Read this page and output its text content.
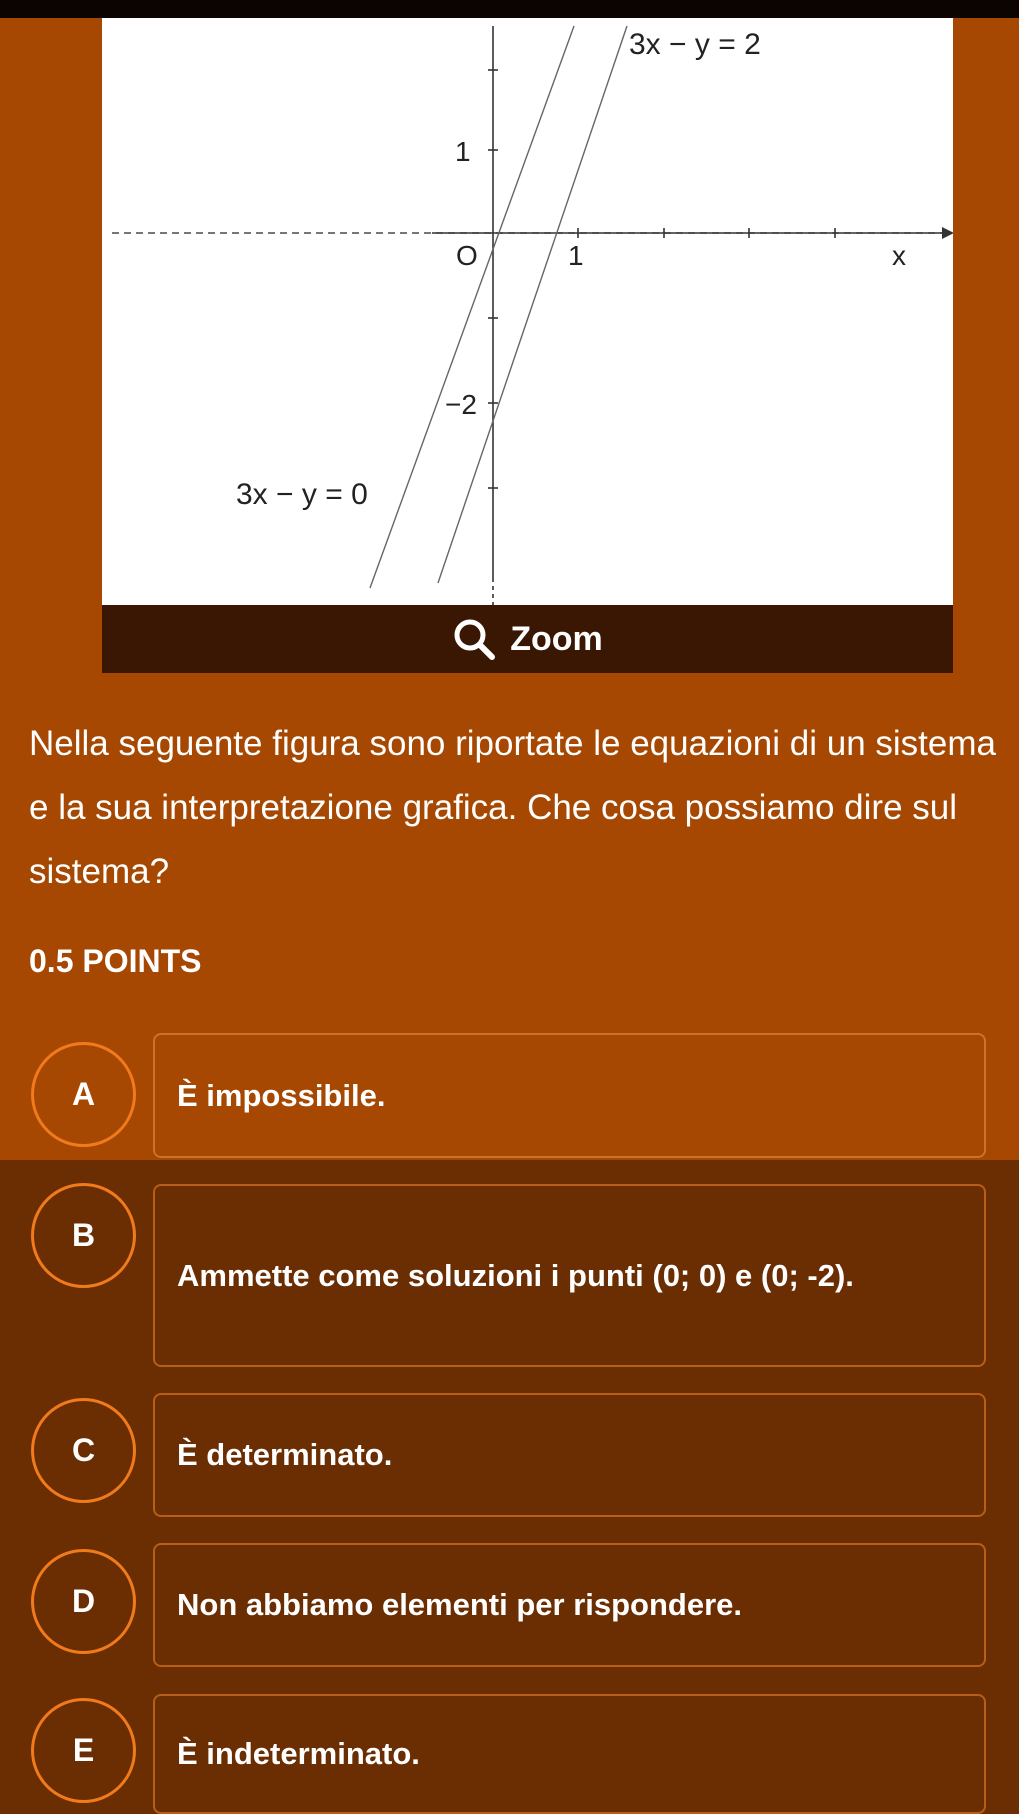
3x − y = 2
3x − y = 0
1
O	1	x
−2
Zoom
Nella seguente figura sono riportate le equazioni di un sistema e la sua interpretazione grafica. Che cosa possiamo dire sul sistema?
0.5 POINTS
A	È impossibile.
B
Ammette come soluzioni i punti (0; 0) e (0; -2).
C	È determinato.
D	Non abbiamo elementi per rispondere.
E	È indeterminato.
